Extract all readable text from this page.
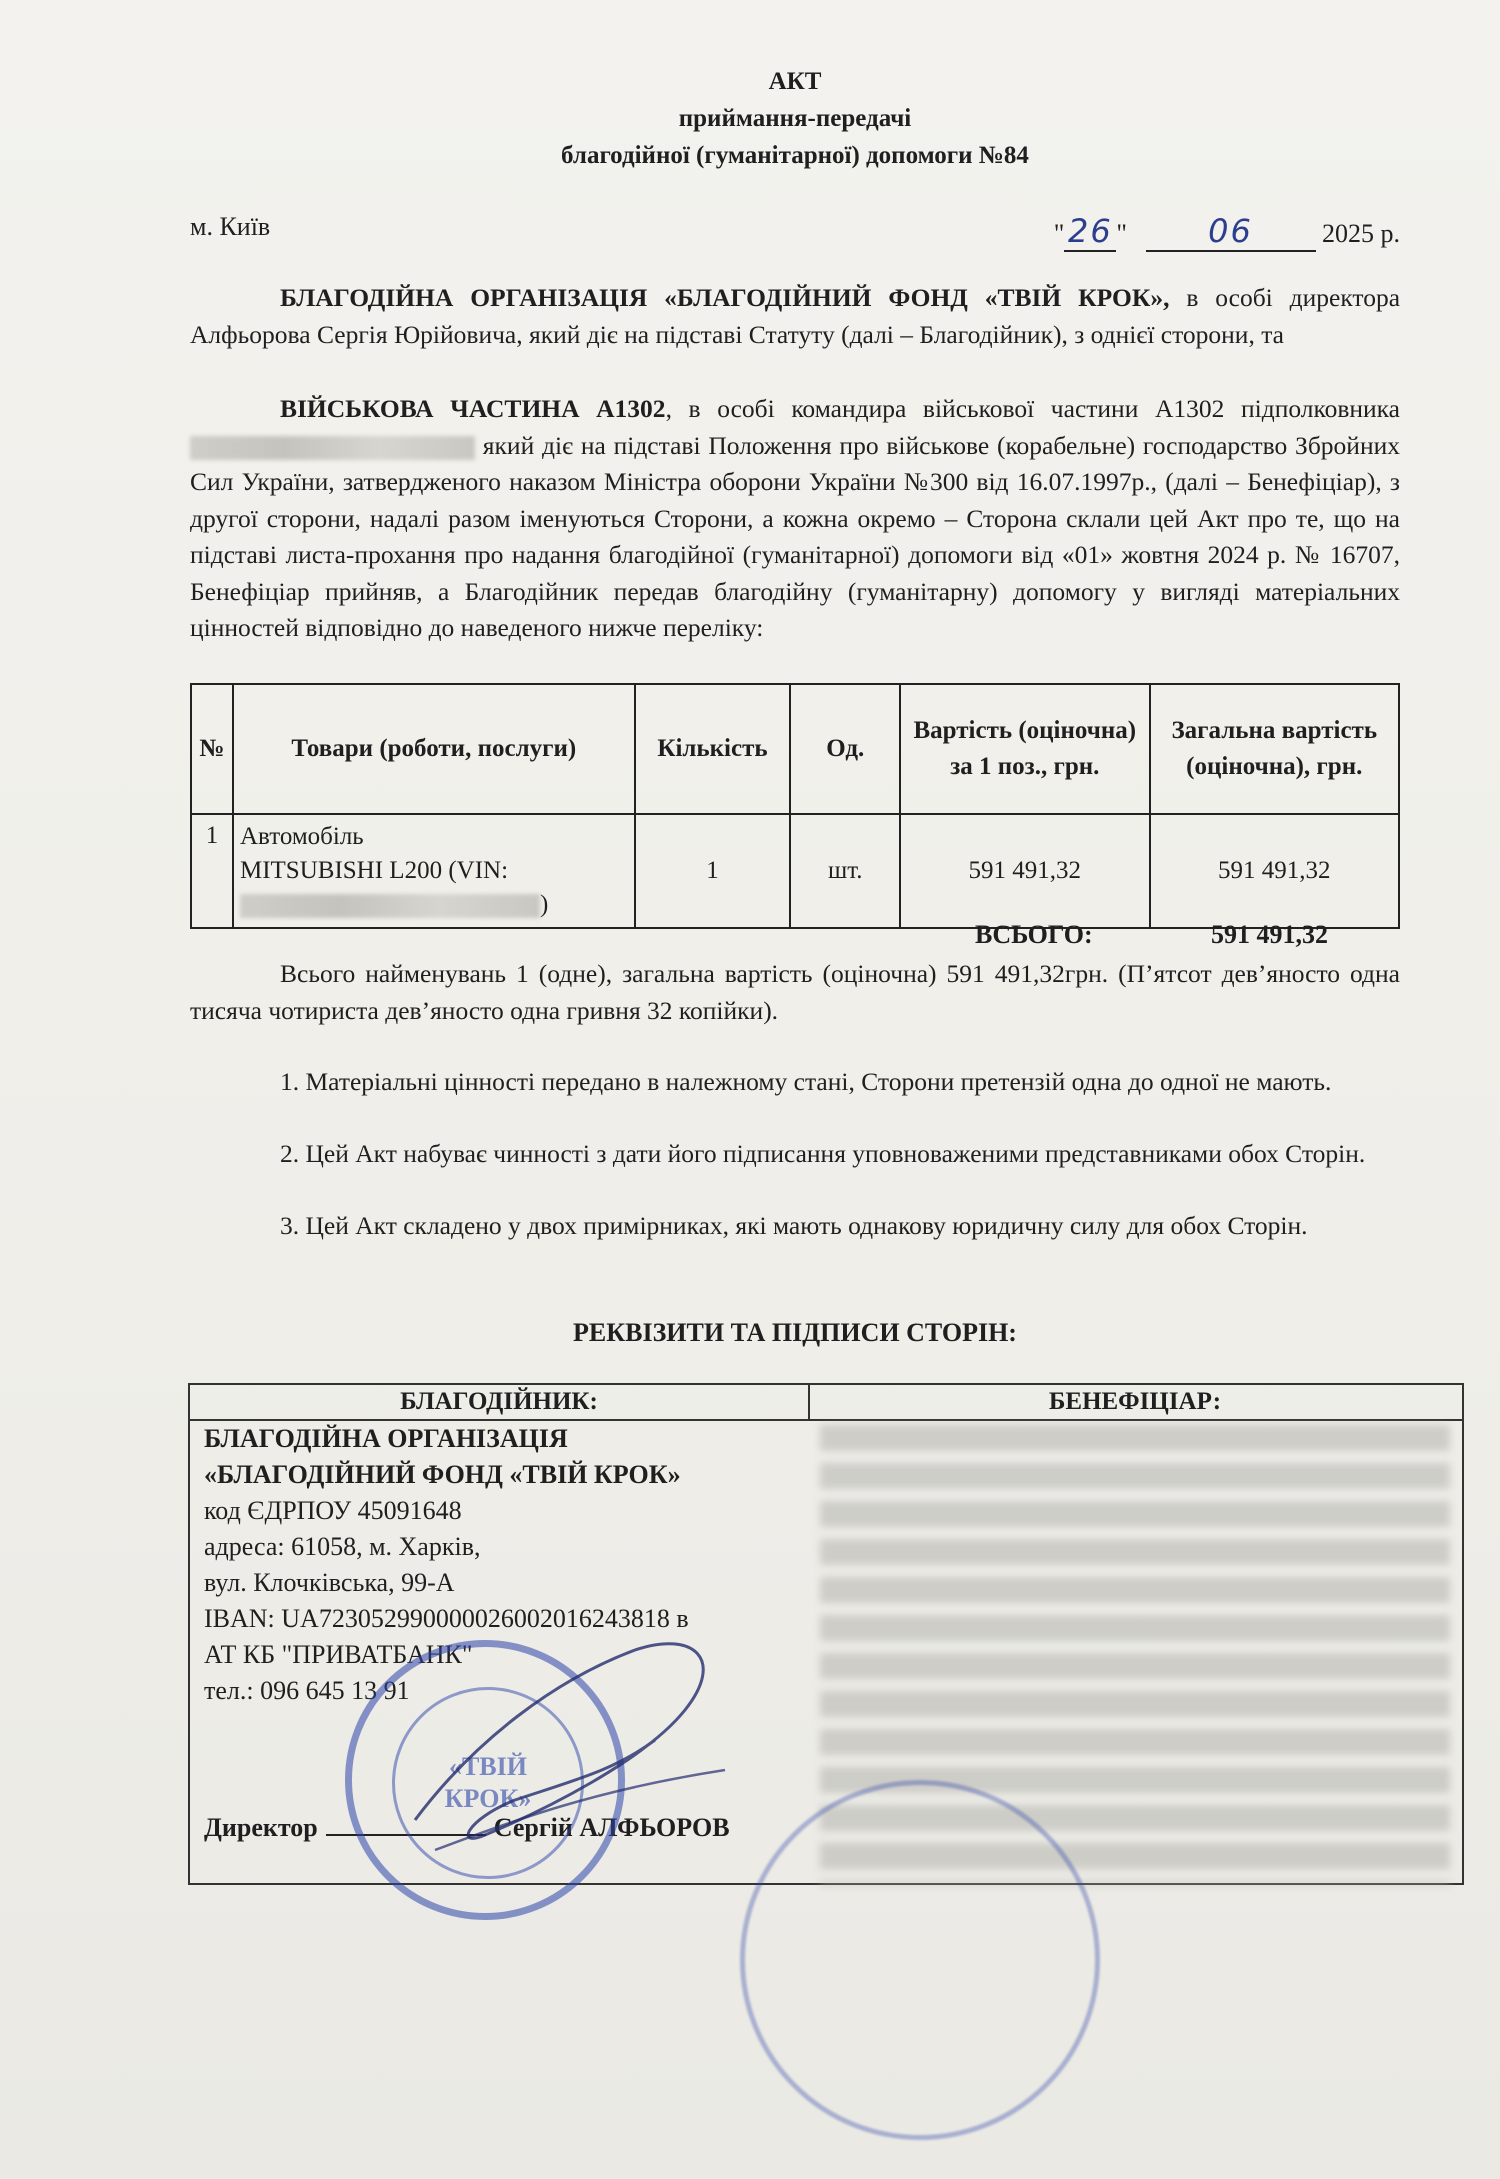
АКТ
приймання-передачі
благодійної (гуманітарної) допомоги №84
м. Київ	" 26 "	06	2025 р.
БЛАГОДІЙНА ОРГАНІЗАЦІЯ «БЛАГОДІЙНИЙ ФОНД «ТВІЙ КРОК», в особі директора Алфьорова Сергія Юрійовича, який діє на підставі Статуту (далі – Благодійник), з однієї сторони, та
ВІЙСЬКОВА ЧАСТИНА А1302, в особі командира військової частини А1302 підполковника  який діє на підставі Положення про військове (корабельне) господарство Збройних Сил України, затвердженого наказом Міністра оборони України №300 від 16.07.1997р., (далі – Бенефіціар), з другої сторони, надалі разом іменуються Сторони, а кожна окремо – Сторона склали цей Акт про те, що на підставі листа-прохання про надання благодійної (гуманітарної) допомоги від «01» жовтня 2024 р. № 16707, Бенефіціар прийняв, а Благодійник передав благодійну (гуманітарну) допомогу у вигляді матеріальних цінностей відповідно до наведеного нижче переліку:
№	Товари (роботи, послуги)	Кількість	Од.	Вартість (оціночна) за 1 поз., грн.	Загальна вартість (оціночна), грн.
1	Автомобіль
MITSUBISHI L200 (VIN:
)	1	шт.	591 491,32	591 491,32
ВСЬОГО:	591 491,32
Всього найменувань 1 (одне), загальна вартість (оціночна) 591 491,32грн. (П’ятсот дев’яносто одна тисяча чотириста дев’яносто одна гривня 32 копійки).
1. Матеріальні цінності передано в належному стані, Сторони претензій одна до одної не мають.
2. Цей Акт набуває чинності з дати його підписання уповноваженими представниками обох Сторін.
3. Цей Акт складено у двох примірниках, які мають однакову юридичну силу для обох Сторін.
РЕКВІЗИТИ ТА ПІДПИСИ СТОРІН:
БЛАГОДІЙНИК:	БЕНЕФІЦІАР:
БЛАГОДІЙНА ОРГАНІЗАЦІЯ
«БЛАГОДІЙНИЙ ФОНД «ТВІЙ КРОК»
код ЄДРПОУ 45091648
адреса: 61058, м. Харків,
вул. Клочківська, 99-А
IBAN: UA723052990000026002016243818 в
АТ КБ "ПРИВАТБАНК"
тел.: 096 645 13 91
Директор	Сергій АЛФЬОРОВ
«ТВІЙ
КРОК»
